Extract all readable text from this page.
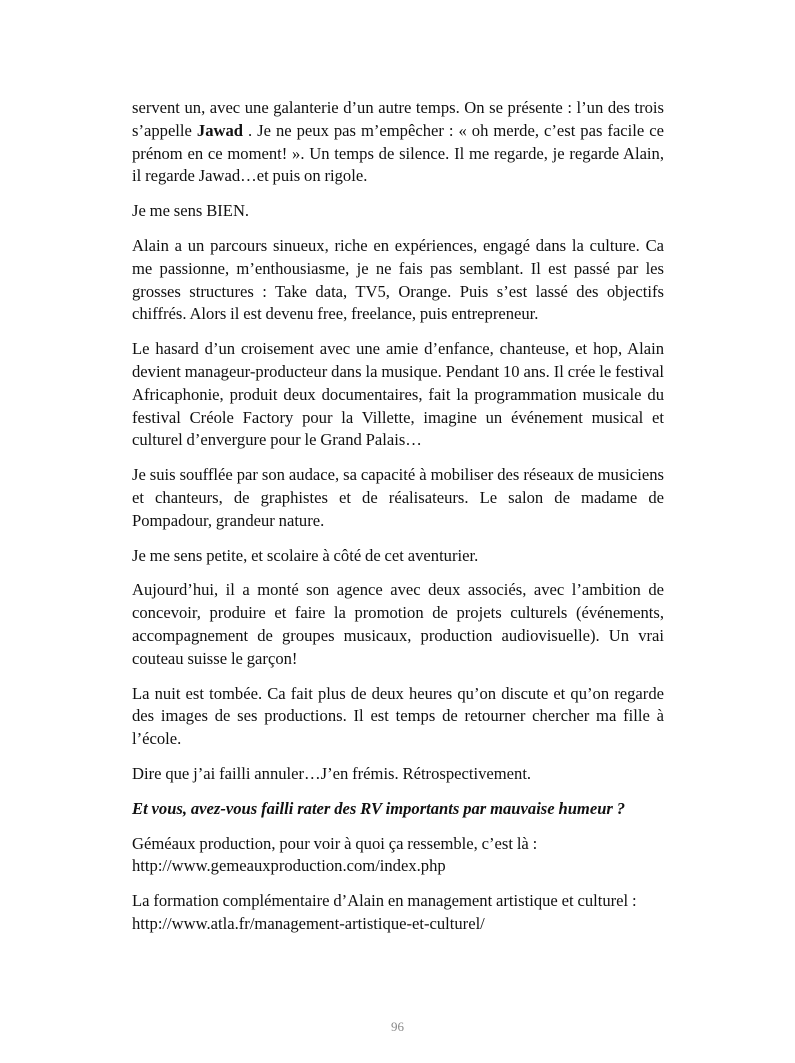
servent un, avec une galanterie d’un autre temps. On se présente : l’un des trois s’appelle Jawad . Je ne peux pas m’empêcher : « oh merde, c’est pas facile ce prénom en ce moment! ». Un temps de silence. Il me regarde, je regarde Alain, il regarde Jawad…et puis on rigole.

Je me sens BIEN.

Alain a un parcours sinueux, riche en expériences, engagé dans la culture. Ca me passionne, m’enthousiasme, je ne fais pas semblant. Il est passé par les grosses structures : Take data, TV5, Orange. Puis s’est lassé des objectifs chiffrés. Alors il est devenu free, freelance, puis entrepreneur.

Le hasard d’un croisement avec une amie d’enfance, chanteuse, et hop, Alain devient manageur-producteur dans la musique. Pendant 10 ans. Il crée le festival Africaphonie, produit deux documentaires, fait la programmation musicale du festival Créole Factory pour la Villette, imagine un événement musical et culturel d’envergure pour le Grand Palais…

Je suis soufflée par son audace, sa capacité à mobiliser des réseaux de musiciens et chanteurs, de graphistes et de réalisateurs. Le salon de madame de Pompadour, grandeur nature.

Je me sens petite, et scolaire à côté de cet aventurier.

Aujourd’hui, il a monté son agence avec deux associés, avec l’ambition de concevoir, produire et faire la promotion de projets culturels (événements, accompagnement de groupes musicaux, production audiovisuelle). Un vrai couteau suisse le garçon!

La nuit est tombée. Ca fait plus de deux heures qu’on discute et qu’on regarde des images de ses productions. Il est temps de retourner chercher ma fille à l’école.

Dire que j’ai failli annuler…J’en frémis. Rétrospectivement.

Et vous, avez-vous failli rater des RV importants par mauvaise humeur ?

Géméaux production, pour voir à quoi ça ressemble, c’est là :
http://www.gemeauxproduction.com/index.php
La formation complémentaire d’Alain en management artistique et culturel :
http://www.atla.fr/management-artistique-et-culturel/
96
